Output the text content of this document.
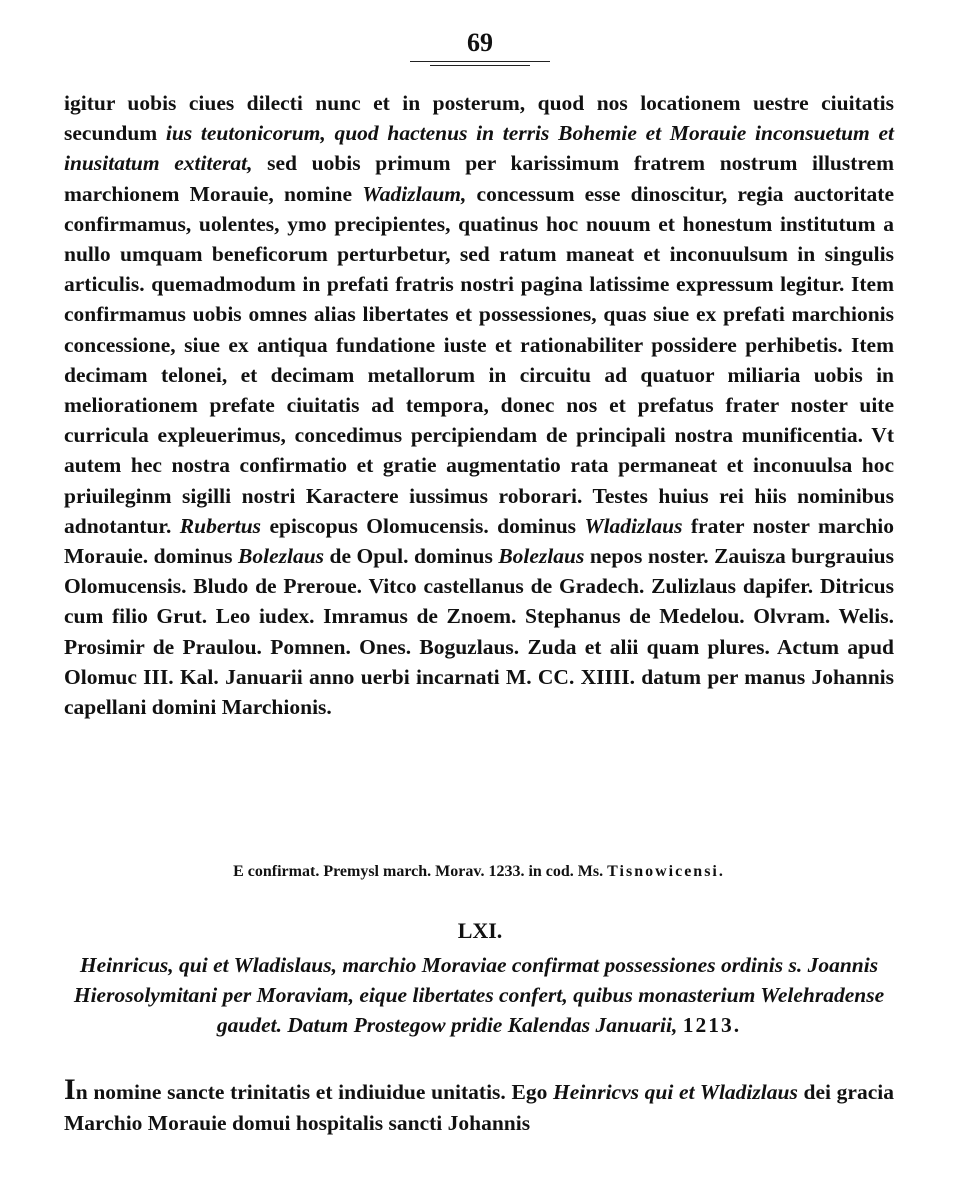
69
igitur uobis ciues dilecti nunc et in posterum, quod nos locationem uestre ciuitatis secundum ius teutonicorum, quod hactenus in terris Bohemie et Morauie inconsuetum et inusitatum extiterat, sed uobis primum per karissimum fratrem nostrum illustrem marchionem Morauie, nomine Wadizlaum, concessum esse dinoscitur, regia auctoritate confirmamus, uolentes, ymo precipientes, quatinus hoc nouum et honestum institutum a nullo umquam beneficorum perturbetur, sed ratum maneat et inconuulsum in singulis articulis. quemadmodum in prefati fratris nostri pagina latissime expressum legitur. Item confirmamus uobis omnes alias libertates et possessiones, quas siue ex prefati marchionis concessione, siue ex antiqua fundatione iuste et rationabiliter possidere perhibetis. Item decimam telonei, et decimam metallorum in circuitu ad quatuor miliaria uobis in meliorationem prefate ciuitatis ad tempora, donec nos et prefatus frater noster uite curricula expleuerimus, concedimus percipiendam de principali nostra munificentia. Vt autem hec nostra confirmatio et gratie augmentatio rata permaneat et inconuulsa hoc priuileginm sigilli nostri Karactere iussimus roborari. Testes huius rei hiis nominibus adnotantur. Rubertus episcopus Olomucensis. dominus Wladizlaus frater noster marchio Morauie. dominus Bolezlaus de Opul. dominus Bolezlaus nepos noster. Zauisza burgrauius Olomucensis. Bludo de Preroue. Vitco castellanus de Gradech. Zulizlaus dapifer. Ditricus cum filio Grut. Leo iudex. Imramus de Znoem. Stephanus de Medelou. Olvram. Welis. Prosimir de Praulou. Pomnen. Ones. Boguzlaus. Zuda et alii quam plures. Actum apud Olomuc III. Kal. Januarii anno uerbi incarnati M. CC. XIIII. datum per manus Johannis capellani domini Marchionis.
E confirmat. Premysl march. Morav. 1233. in cod. Ms. Tisnowicensi.
LXI.
Heinricus, qui et Wladislaus, marchio Moraviae confirmat possessiones ordinis s. Joannis Hierosolymitani per Moraviam, eique libertates confert, quibus monasterium Welehradense gaudet. Datum Prostegow pridie Kalendas Januarii, 1213.
In nomine sancte trinitatis et indiuidue unitatis. Ego Heinricvs qui et Wladizlaus dei gracia Marchio Morauie domui hospitalis sancti Johannis
